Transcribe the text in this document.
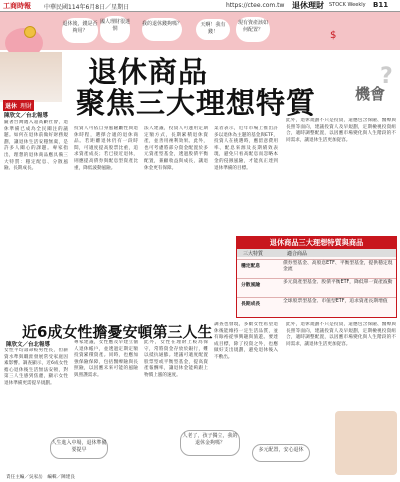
工商時報 中華民國114年6月8日／星期日	https://ctee.com.tw 退休理財 STOCK Weekly B11
退休後，錢是否夠用？
國人理財很迷惘
現有資產該如何配置？
天啊！我有錢！
我的退休錢夠嗎？
$
退休 理財
陳欣文／台北報導
退休商品
聚焦三大理想特質
?
機會
隨著台灣邁入超高齡社會，退休準備已成為全民關注的議題。如何在退休前做好財務規劃，讓退休生活安穩無虞，是許多人關心的課題。專家指出，理想的退休商品應具備三大特質：穩定配息、分散風險、長期成長。
投資人可依自身風險屬性與退休時程，選擇合適的退休商品。若距離退休仍有一段時間，可適度提高股票比重，追求資產成長；若已接近退休，則應提高債券與配息型資產比重，降低波動風險。
法人建議，投資人可運用定期定額方式，長期累積退休資產，並善用複利效果。此外，也可考慮將部分資金配置於多元資產型基金，透過股債平衡配置，兼顧收益與成長，讓退休金更有保障。
業者表示，近年市場上推出許多以退休為主題的基金與ETF，投資人在挑選時，應留意費用率、配息來源及長期績效表現，避免只看高配息而忽略本金的侵蝕風險，才能真正達到退休準備的目標。
此外，退休規劃不只是投資，還應包含保險、醫療與長照等面向，建議投資人及早規劃，定期檢視投資組合，適時調整配置，以因應市場變化與人生階段的不同需求，讓退休生活更加從容。
退休商品三大理想特質與商品
三大特質	適合商品
穩定配息
債券型基金、高股息ETF、平衡型基金，提供穩定現金流
分散風險
多元資產型基金、股債平衡ETF，降低單一資產波動
長期成長
全球股票型基金、市值型ETF，追求資產長期增值
近6成女性擔憂安頓第三人生
陳欣文／台北報導
女性平均壽命較男性長，但薪資水準與職涯發展常受家庭因素影響。調查顯示，近6成女性擔心退休後生活無法安頓，對第三人生感到焦慮，顯示女性退休準備更需提早規劃。
專家建議，女性應及早建立個人退休帳戶，並透過定期定額投資累積資產。同時，也應加強保險保障，包括醫療險與長照險，以因應未來可能的風險與照護需求。
此外，女性在理財上較為保守，常將資金存放於銀行，難以抵抗通膨。建議可適度配置股票型或平衡型基金，提高資產報酬率，讓退休金能夠跟上物價上漲的速度。
調查也發現，多數女性希望退休後能維持一定生活品質，並有餘裕從事興趣與旅遊。要達成目標，除了投資之外，也應做好支出規劃，避免退休後入不敷出。
此外，退休規劃不只是投資，還應包含保險、醫療與長照等面向，建議投資人及早規劃，定期檢視投資組合，適時調整配置，以因應市場變化與人生階段的不同需求，讓退休生活更加從容。
人生進入中場，退休準備要提早
人老了，孩子獨立，我的退休金夠嗎？
多元配置，安心退休
責任主編／吳家岳　編輯／陳建良
